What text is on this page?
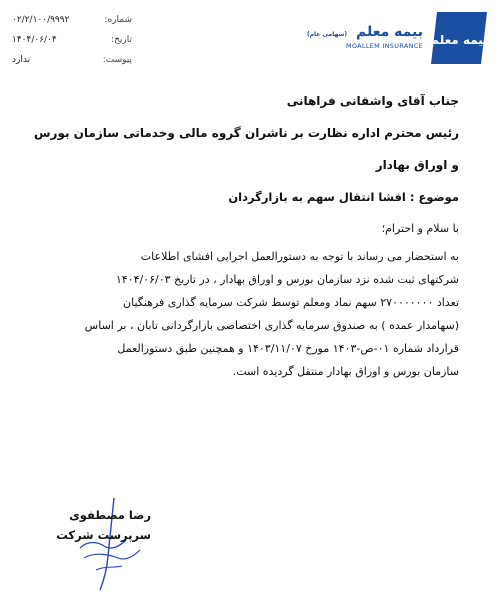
شماره:
۰۲/۲/۱۰۰/۹۹۹۲
تاریخ:
۱۴۰۴/۰۶/۰۴
پیوست:
ندارد
بیمه معلم
بیمه معلم (سهامی عام)
MOALLEM INSURANCE
جناب آقای واشقانی فراهانی
رئیس محترم اداره نظارت بر ناشران گروه مالی وخدماتی سازمان بورس
و اوراق بهادار
موضوع : افشا انتقال سهم به بازارگردان
با سلام و احترام؛
به استحضار می رساند با توجه به دستورالعمل اجرایی افشای اطلاعات
شرکتهای ثبت شده نزد سازمان بورس و اوراق بهادار ، در تاریخ ۱۴۰۴/۰۶/۰۳
تعداد ۲۷۰۰۰۰۰۰۰ سهم نماد ومعلم توسط شرکت سرمایه گذاری فرهنگیان
(سهامدار عمده ) به صندوق سرمایه گذاری اختصاصی بازارگردانی تابان ، بر اساس
قرارداد شماره ۰۱-ص-۱۴۰۳ مورخ ۱۴۰۳/۱۱/۰۷ و همچنین طبق دستورالعمل
سازمان بورس و اوراق بهادار منتقل گردیده است.
رضا مصطفوی
سرپرست شرکت
